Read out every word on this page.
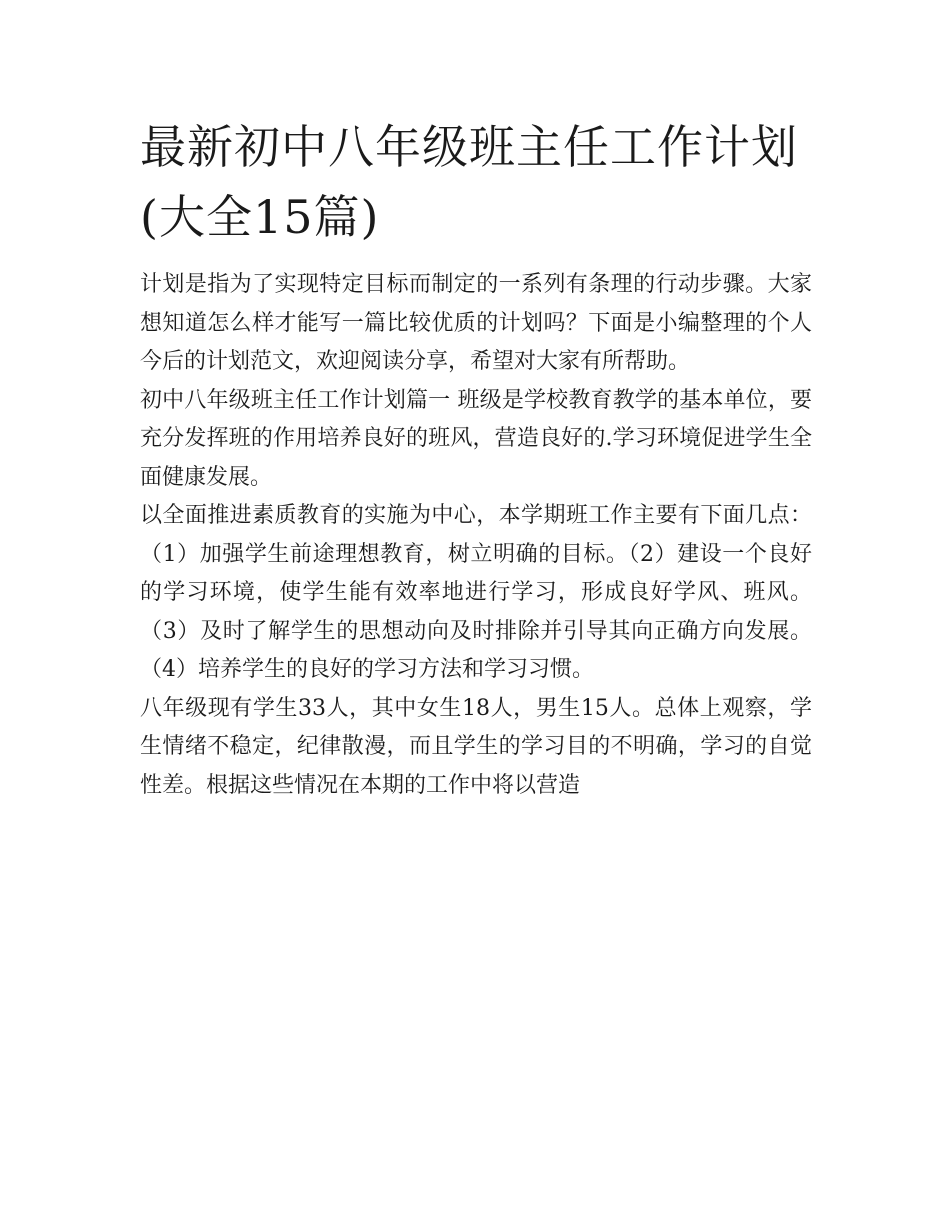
最新初中八年级班主任工作计划(大全15篇)

计划是指为了实现特定目标而制定的一系列有条理的行动步骤。大家想知道怎么样才能写一篇比较优质的计划吗？下面是小编整理的个人今后的计划范文，欢迎阅读分享，希望对大家有所帮助。

初中八年级班主任工作计划篇一 班级是学校教育教学的基本单位，要充分发挥班的作用培养良好的班风，营造良好的.学习环境促进学生全面健康发展。

以全面推进素质教育的实施为中心，本学期班工作主要有下面几点：（1）加强学生前途理想教育，树立明确的目标。（2）建设一个良好的学习环境，使学生能有效率地进行学习，形成良好学风、班风。（3）及时了解学生的思想动向及时排除并引导其向正确方向发展。（4）培养学生的良好的学习方法和学习习惯。

八年级现有学生33人，其中女生18人，男生15人。总体上观察，学生情绪不稳定，纪律散漫，而且学生的学习目的不明确，学习的自觉性差。根据这些情况在本期的工作中将以营造
